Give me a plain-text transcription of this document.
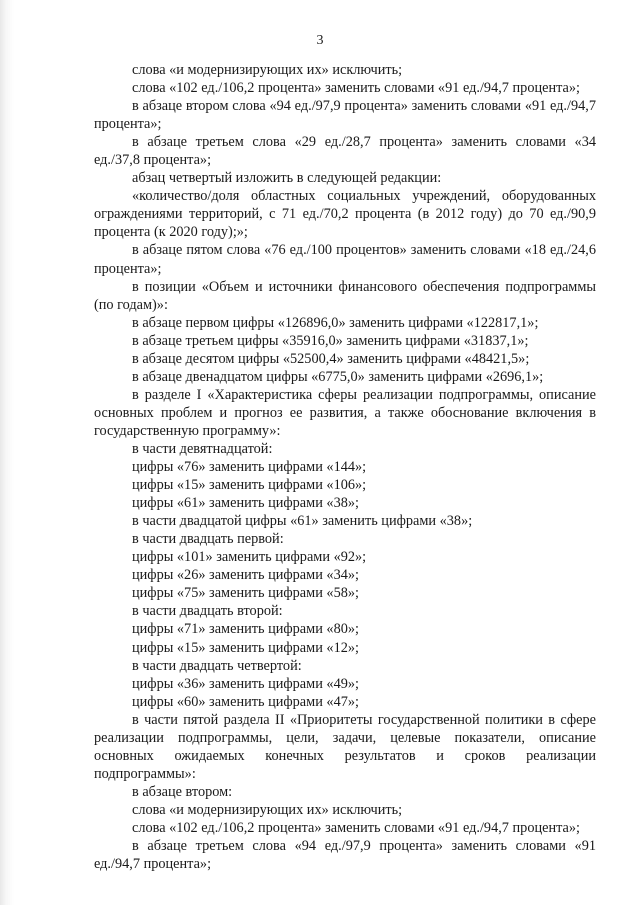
3

слова «и модернизирующих их» исключить;

слова «102 ед./106,2 процента» заменить словами «91 ед./94,7 процента»;

в абзаце втором слова «94 ед./97,9 процента» заменить словами «91 ед./94,7 процента»;

в абзаце третьем слова «29 ед./28,7 процента» заменить словами «34 ед./37,8 процента»;

абзац четвертый изложить в следующей редакции:

«количество/доля областных социальных учреждений, оборудованных ограждениями территорий, с 71 ед./70,2 процента (в 2012 году) до 70 ед./90,9 процента (к 2020 году);»;

в абзаце пятом слова «76 ед./100 процентов» заменить словами «18 ед./24,6 процента»;

в позиции «Объем и источники финансового обеспечения подпрограммы (по годам)»:

в абзаце первом цифры «126896,0» заменить цифрами «122817,1»;

в абзаце третьем цифры «35916,0» заменить цифрами «31837,1»;

в абзаце десятом цифры «52500,4» заменить цифрами «48421,5»;

в абзаце двенадцатом цифры «6775,0» заменить цифрами «2696,1»;

в разделе I «Характеристика сферы реализации подпрограммы, описание основных проблем и прогноз ее развития, а также обоснование включения в государственную программу»:

в части девятнадцатой:

цифры «76» заменить цифрами «144»;

цифры «15» заменить цифрами «106»;

цифры «61» заменить цифрами «38»;

в части двадцатой цифры «61» заменить цифрами «38»;

в части двадцать первой:

цифры «101» заменить цифрами «92»;

цифры «26» заменить цифрами «34»;

цифры «75» заменить цифрами «58»;

в части двадцать второй:

цифры «71» заменить цифрами «80»;

цифры «15» заменить цифрами «12»;

в части двадцать четвертой:

цифры «36» заменить цифрами «49»;

цифры «60» заменить цифрами «47»;

в части пятой раздела II «Приоритеты государственной политики в сфере реализации подпрограммы, цели, задачи, целевые показатели, описание основных ожидаемых конечных результатов и сроков реализации подпрограммы»:

в абзаце втором:

слова «и модернизирующих их» исключить;

слова «102 ед./106,2 процента» заменить словами «91 ед./94,7 процента»;

в абзаце третьем слова «94 ед./97,9 процента» заменить словами «91 ед./94,7 процента»;
